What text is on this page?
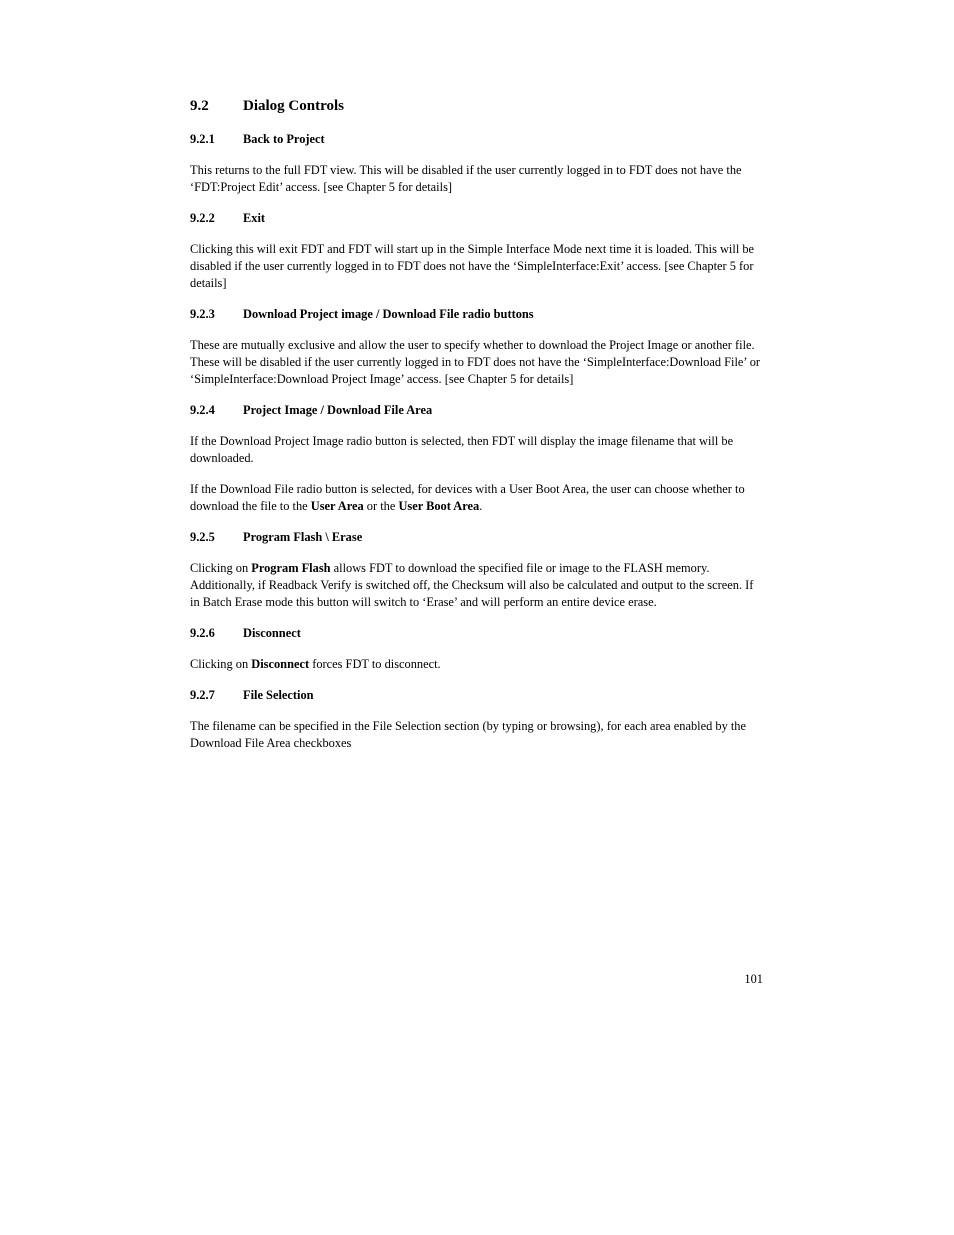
9.2 Dialog Controls
9.2.1 Back to Project

This returns to the full FDT view. This will be disabled if the user currently logged in to FDT does not have the ‘FDT:Project Edit’ access. [see Chapter 5 for details]

9.2.2 Exit

Clicking this will exit FDT and FDT will start up in the Simple Interface Mode next time it is loaded. This will be disabled if the user currently logged in to FDT does not have the ‘SimpleInterface:Exit’ access. [see Chapter 5 for details]

9.2.3 Download Project image / Download File radio buttons

These are mutually exclusive and allow the user to specify whether to download the Project Image or another file. These will be disabled if the user currently logged in to FDT does not have the ‘SimpleInterface:Download File’ or ‘SimpleInterface:Download Project Image’ access. [see Chapter 5 for details]

9.2.4 Project Image / Download File Area

If the Download Project Image radio button is selected, then FDT will display the image filename that will be downloaded.

If the Download File radio button is selected, for devices with a User Boot Area, the user can choose whether to download the file to the User Area or the User Boot Area.

9.2.5 Program Flash \ Erase

Clicking on Program Flash allows FDT to download the specified file or image to the FLASH memory. Additionally, if Readback Verify is switched off, the Checksum will also be calculated and output to the screen. If in Batch Erase mode this button will switch to ‘Erase’ and will perform an entire device erase.

9.2.6 Disconnect

Clicking on Disconnect forces FDT to disconnect.

9.2.7 File Selection

The filename can be specified in the File Selection section (by typing or browsing), for each area enabled by the Download File Area checkboxes

101
